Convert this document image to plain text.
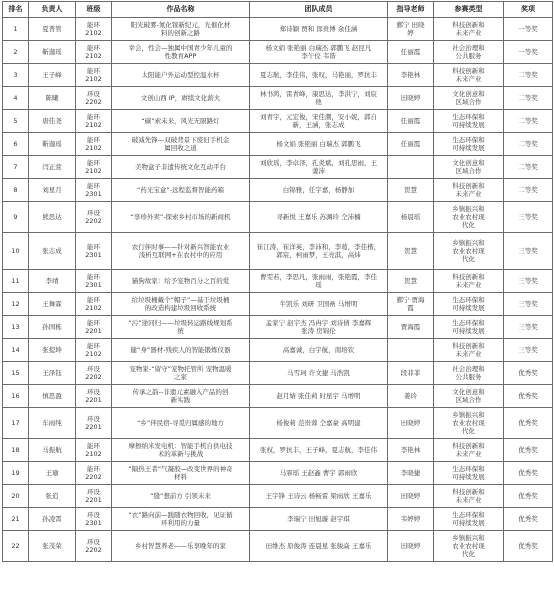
排名	负责人	班级	作品名称	团队成员	指导老师	参赛类型	奖项
1	夏普管	能环
2102	阳光破雾-氮化镓新纪元，光催化材
料的创新之路	郑诗颖 贾和 郎贵博 余佳涵	鄞宁 田晓
婷	科技创新和
未来产业	一等奖
2	靳迦瑶	能环
2102	幸会，性会—独属中国青少年儿童的
性教育APP	杨文娟 张艳丽 白瑞杰 郭鹏飞 赵昆凡
李午佼 韦谐	任丽霞	社会治理和
公共服务	一等奖
3	王子峰	能环
2102	太阳能户外运动型控温水杯	夏志航，李佳伟，张叹，马艳丽，罗抗丰	李艳林	科技创新和
未来产业	二等奖
4	陈曦	环设
2202	文创山西 IP，赓续文化薪火	林书鸿，雷青峰，康思达，李洪宁，刘宸
他	田晓婷	文化创意和
区域合作	二等奖
5	唐佳尧	能环
2102	“碳”索未来，风光无限路灯	刘青宇，元宏俊，宋佳潮，安小妮，郭自
新，王涵，张志成	任丽霞	生态环保和
可持续发展	二等奖
6	靳迦瑶	能环
2102	破减先锋—双破背景下废旧手机金
属回收之道	杨文娟 张艳丽 白瑞杰 郭鹏飞	任丽霞	生态环保和
可持续发展	二等奖
7	闫正萱	能环
2102	美物盒子非遗传统文化互动平台	刘欣瑶，李卓泽，孔炎斌，刘孔思雨，王
萋沛		文化创意和
区域合作	二等奖
8	刘星月	能环
2301	“药光宝盒”-远程监督智能药箱	白锦雅，任宇嘉，杨静加	贺慧	科技创新和
未来产业	二等奖
9	熊思达	环设
2202	“享珍外卖”-探索乡村市场的新商机	寻新悦 王嘉乐 苏渊玲 仝沛楠	杨晨瑶	乡镇振兴和
农业农村现
代化	三等奖
10	张志成	能环
2301	农行伴时事——针对新兴智能农业
浅析互联网+在农村中的应用	崔江涛，崔洋英，李沛和，李葛，李佳楷，
郭宸，柯雨梦，王亮淇，高炜	贺慧	乡镇振兴和
农业农村现
代化	三等奖
11	李靖	能环
2301	猫狗故家：给予宠物百分之百的爱	曹雯若，李思凡，张雨雨，张艳霞，李佳
瑶	贺慧	科技创新和
未来产业	三等奖
12	王舞霖	能环
2102	给垃圾桶戴个“帽子”—基于垃圾桶
的改造构建垃圾回收系统	牛凯乐 刘研 卫国喦 马增明	鄞宁 贾海
霞	生态环保和
可持续发展	三等奖
13	孙国栋	能环
2201	“污”途同归——垃圾转运路线规划系
统	孟家宁 赵宇杰 冯冉宇 刘诗倩 李嘉辉
张涛 房锦伦	贾海霞	生态环保和
可持续发展	三等奖
14	张提坤	能环
2102	健“身”器材-残疾人的智能锻炼仪器	高嘉诚，白宇航，南培钦		科技创新和
未来产业	三等奖
15	王泽钰	环设
2202	宠物家-“留守”宠物托管所 宠物温暖
之家	马雪珂 许文捷 马浩凯	段菲菲	社会治理和
公共服务	优秀奖
16	慎思盈	环设
2201	传承之韵--非遗元素融入产品的创
新实践	赵月婧 张佳莉 时星宇 马增明	姜玲	文化创意和
区域合作	优秀奖
17	车雨纯	环设
2201	“乡”伴民宿-寻觅归属感的地方	杨俊莉 范贵蓉 仝嘉豪 高明建	田晓婷	乡镇振兴和
农业农村现
代化	优秀奖
18	马振航	能环
2102	摩擦纳米发电机：智能手机自供电技
术的革新与挑战	张权，罗抗丰，王子峰，夏志航，李佳伟	李艳林	科技创新和
未来产业	优秀奖
19	王瑜	能环
2202	“隔热王者”气凝胶—改变世界的神奇
材料	马霏瑶 王赵鑫 曹宇 郭雨欣	李晓捷	生态环保和
可持续发展	优秀奖
20	张追	环设
2201	“缝”想前方 引领未来	王宇锋 王诗云 杨畅雷 梁雨欣 王嘉乐	田晓婷	科技创新和
未来产业	优秀奖
21	孙凌霄	环设
2301	“衣”路向前—践随衣物回收，见证循
环利用的力量	李瑞宁 田旭璇 赵宇琪	韦婷婷	生态环保和
可持续发展	优秀奖
22	张茂荣	环设
2202	乡村智慧养老——乐享晚年的家	田维杰 原俊涛 连晨星 张骏焱 王嘉乐	田晓婷	乡镇振兴和
农业农村现
代化	优秀奖
